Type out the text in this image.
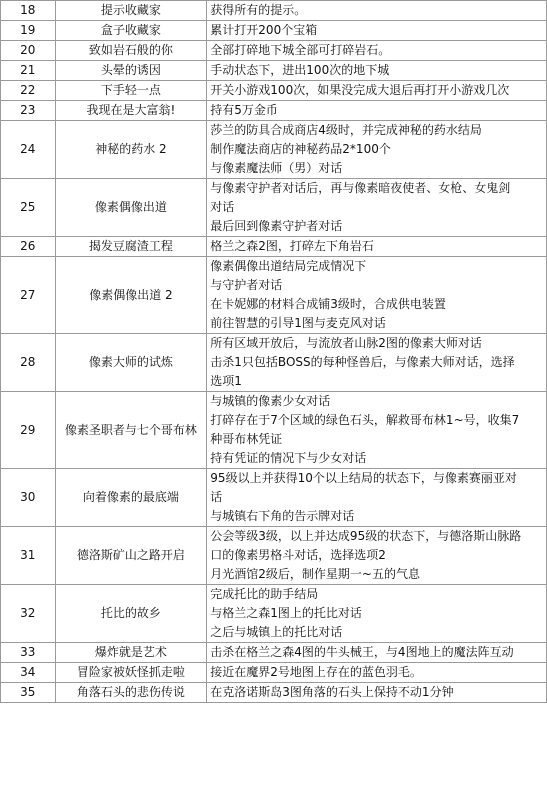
18	提示收藏家	获得所有的提示。

19	盒子收藏家	累计打开200个宝箱

20	致如岩石般的你	全部打碎地下城全部可打碎岩石。

21	头晕的诱因	手动状态下，进出100次的地下城

22	下手轻一点	开关小游戏100次，如果没完成大退后再打开小游戏几次

23	我现在是大富翁!	持有5万金币

24	神秘的药水 2	莎兰的防具合成商店4级时，并完成神秘的药水结局
制作魔法商店的神秘药品2*100个
与像素魔法师（男）对话

25	像素偶像出道	与像素守护者对话后，再与像素暗夜使者、女枪、女鬼剑
对话
最后回到像素守护者对话

26	揭发豆腐渣工程	格兰之森2图，打碎左下角岩石

27	像素偶像出道 2	像素偶像出道结局完成情况下
与守护者对话
在卡妮娜的材料合成铺3级时，合成供电装置
前往智慧的引导1图与麦克风对话

28	像素大师的试炼	所有区域开放后，与流放者山脉2图的像素大师对话
击杀1只包括BOSS的每种怪兽后，与像素大师对话，选择
选项1

29	像素圣职者与七个哥布林	与城镇的像素少女对话
打碎存在于7个区域的绿色石头，解救哥布林1~号，收集7
种哥布林凭证
持有凭证的情况下与少女对话

30	向着像素的最底端	95级以上并获得10个以上结局的状态下，与像素赛丽亚对
话
与城镇右下角的告示牌对话

31	德洛斯矿山之路开启	公会等级3级，以上并达成95级的状态下，与德洛斯山脉路
口的像素男格斗对话，选择选项2
月光酒馆2级后，制作星期一~五的气息

32	托比的故乡	完成托比的助手结局
与格兰之森1图上的托比对话
之后与城镇上的托比对话

33	爆炸就是艺术	击杀在格兰之森4图的牛头械王，与4图地上的魔法阵互动

34	冒险家被妖怪抓走啦	接近在魔界2号地图上存在的蓝色羽毛。

35	角落石头的悲伤传说	在克洛诺斯岛3图角落的石头上保持不动1分钟
